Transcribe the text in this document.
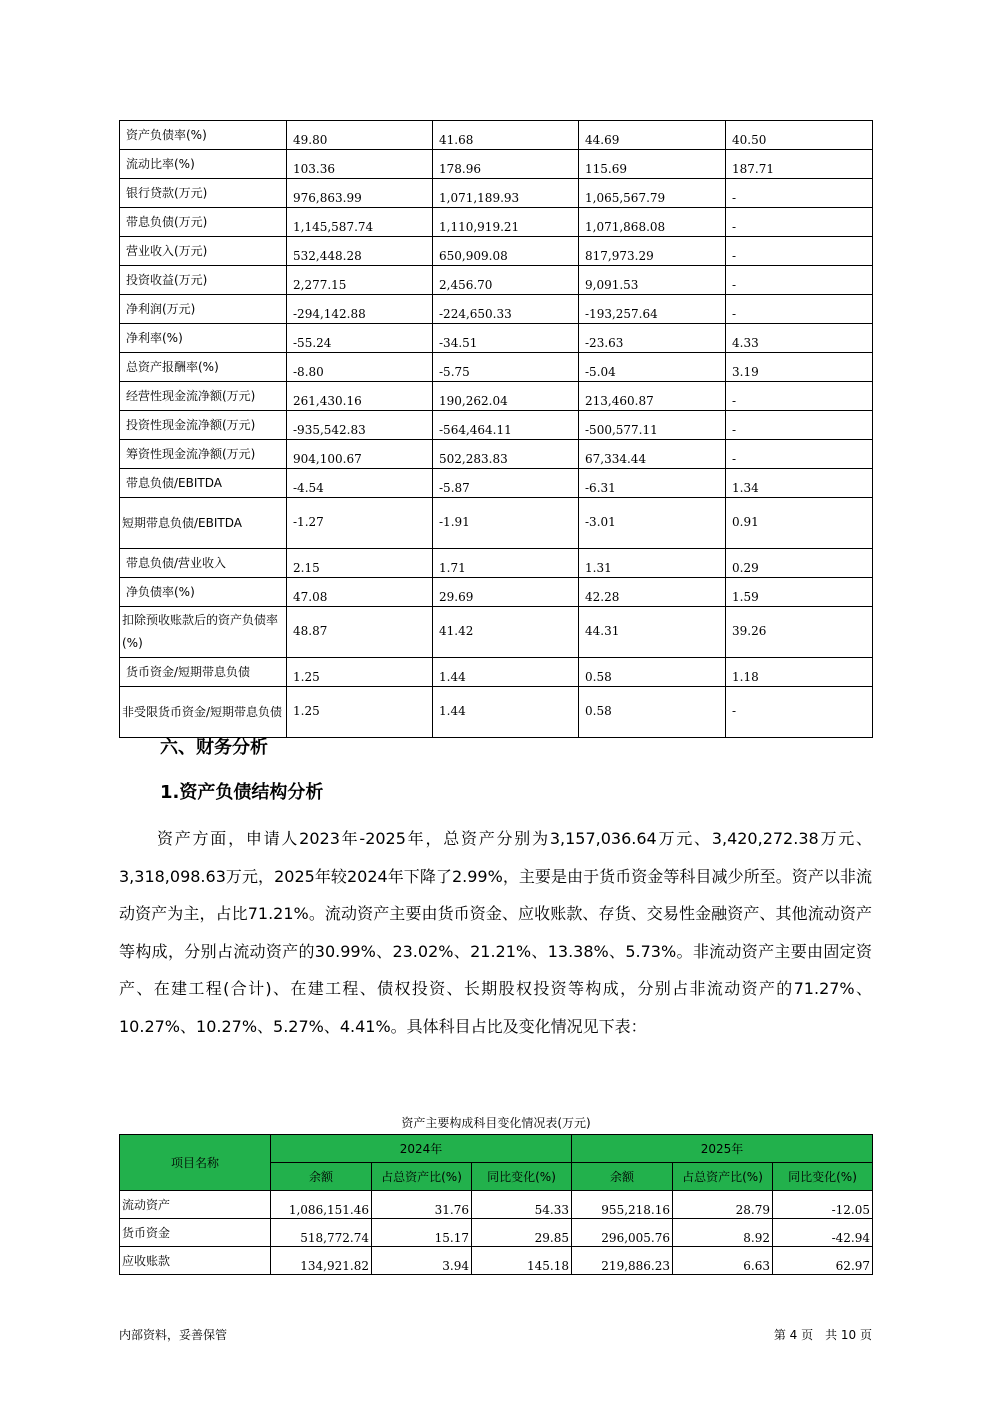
资产负债率(%)	49.80	41.68	44.69	40.50
流动比率(%)	103.36	178.96	115.69	187.71
银行贷款(万元)	976,863.99	1,071,189.93	1,065,567.79	-
带息负债(万元)	1,145,587.74	1,110,919.21	1,071,868.08	-
营业收入(万元)	532,448.28	650,909.08	817,973.29	-
投资收益(万元)	2,277.15	2,456.70	9,091.53	-
净利润(万元)	-294,142.88	-224,650.33	-193,257.64	-
净利率(%)	-55.24	-34.51	-23.63	4.33
总资产报酬率(%)	-8.80	-5.75	-5.04	3.19
经营性现金流净额(万元)	261,430.16	190,262.04	213,460.87	-
投资性现金流净额(万元)	-935,542.83	-564,464.11	-500,577.11	-
筹资性现金流净额(万元)	904,100.67	502,283.83	67,334.44	-
带息负债/EBITDA	-4.54	-5.87	-6.31	1.34
短期带息负债/EBITDA	-1.27	-1.91	-3.01	0.91
带息负债/营业收入	2.15	1.71	1.31	0.29
净负债率(%)	47.08	29.69	42.28	1.59
扣除预收账款后的资产负债率(%)	48.87	41.42	44.31	39.26
货币资金/短期带息负债	1.25	1.44	0.58	1.18
非受限货币资金/短期带息负债	1.25	1.44	0.58	-
六、财务分析
1.资产负债结构分析

资产方面，申请人2023年-2025年，总资产分别为3,157,036.64万元、3,420,272.38万元、3,318,098.63万元，2025年较2024年下降了2.99%，主要是由于货币资金等科目减少所至。资产以非流动资产为主，占比71.21%。流动资产主要由货币资金、应收账款、存货、交易性金融资产、其他流动资产等构成，分别占流动资产的30.99%、23.02%、21.21%、13.38%、5.73%。非流动资产主要由固定资产、在建工程(合计)、在建工程、债权投资、长期股权投资等构成，分别占非流动资产的71.27%、10.27%、10.27%、5.27%、4.41%。具体科目占比及变化情况见下表：

资产主要构成科目变化情况表(万元)
项目名称	2024年			2025年		
	余额	占总资产比(%)	同比变化(%)	余额	占总资产比(%)	同比变化(%)
流动资产	1,086,151.46	31.76	54.33	955,218.16	28.79	-12.05
货币资金	518,772.74	15.17	29.85	296,005.76	8.92	-42.94
应收账款	134,921.82	3.94	145.18	219,886.23	6.63	62.97
内部资料，妥善保管	第 4 页　共 10 页
